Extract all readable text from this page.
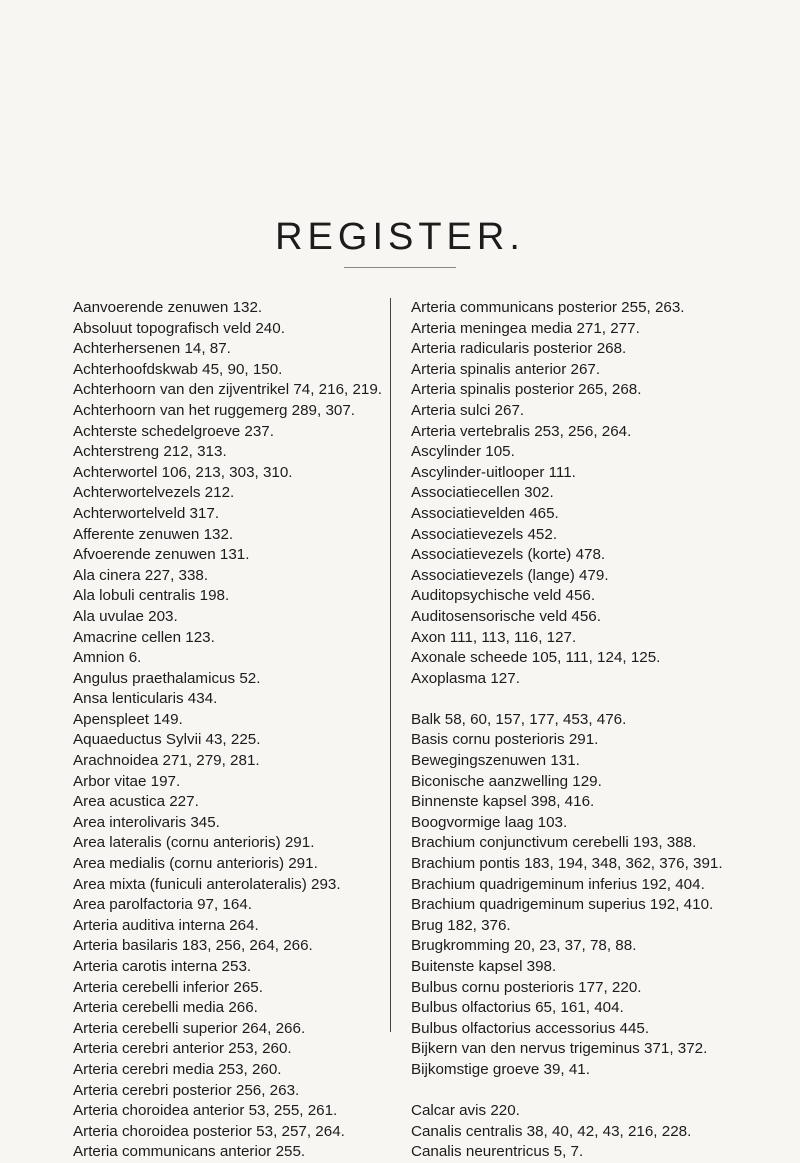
REGISTER.
Aanvoerende zenuwen 132.
Absoluut topografisch veld 240.
Achterhersenen 14, 87.
Achterhoofdskwab 45, 90, 150.
Achterhoorn van den zijventrikel 74, 216, 219.
Achterhoorn van het ruggemerg 289, 307.
Achterste schedelgroeve 237.
Achterstreng 212, 313.
Achterwortel 106, 213, 303, 310.
Achterwortelvezels 212.
Achterwortelveld 317.
Afferente zenuwen 132.
Afvoerende zenuwen 131.
Ala cinera 227, 338.
Ala lobuli centralis 198.
Ala uvulae 203.
Amacrine cellen 123.
Amnion 6.
Angulus praethalamicus 52.
Ansa lenticularis 434.
Apenspleet 149.
Aquaeductus Sylvii 43, 225.
Arachnoidea 271, 279, 281.
Arbor vitae 197.
Area acustica 227.
Area interolivaris 345.
Area lateralis (cornu anterioris) 291.
Area medialis (cornu anterioris) 291.
Area mixta (funiculi anterolateralis) 293.
Area parolfactoria 97, 164.
Arteria auditiva interna 264.
Arteria basilaris 183, 256, 264, 266.
Arteria carotis interna 253.
Arteria cerebelli inferior 265.
Arteria cerebelli media 266.
Arteria cerebelli superior 264, 266.
Arteria cerebri anterior 253, 260.
Arteria cerebri media 253, 260.
Arteria cerebri posterior 256, 263.
Arteria choroidea anterior 53, 255, 261.
Arteria choroidea posterior 53, 257, 264.
Arteria communicans anterior 255.
Arteria communicans posterior 255, 263.
Arteria meningea media 271, 277.
Arteria radicularis posterior 268.
Arteria spinalis anterior 267.
Arteria spinalis posterior 265, 268.
Arteria sulci 267.
Arteria vertebralis 253, 256, 264.
Ascylinder 105.
Ascylinder-uitlooper 111.
Associatiecellen 302.
Associatievelden 465.
Associatievezels 452.
Associatievezels (korte) 478.
Associatievezels (lange) 479.
Auditopsychische veld 456.
Auditosensorische veld 456.
Axon 111, 113, 116, 127.
Axonale scheede 105, 111, 124, 125.
Axoplasma 127.
Balk 58, 60, 157, 177, 453, 476.
Basis cornu posterioris 291.
Bewegingszenuwen 131.
Biconische aanzwelling 129.
Binnenste kapsel 398, 416.
Boogvormige laag 103.
Brachium conjunctivum cerebelli 193, 388.
Brachium pontis 183, 194, 348, 362, 376, 391.
Brachium quadrigeminum inferius 192, 404.
Brachium quadrigeminum superius 192, 410.
Brug 182, 376.
Brugkromming 20, 23, 37, 78, 88.
Buitenste kapsel 398.
Bulbus cornu posterioris 177, 220.
Bulbus olfactorius 65, 161, 404.
Bulbus olfactorius accessorius 445.
Bijkern van den nervus trigeminus 371, 372.
Bijkomstige groeve 39, 41.
Calcar avis 220.
Canalis centralis 38, 40, 42, 43, 216, 228.
Canalis neurentricus 5, 7.
